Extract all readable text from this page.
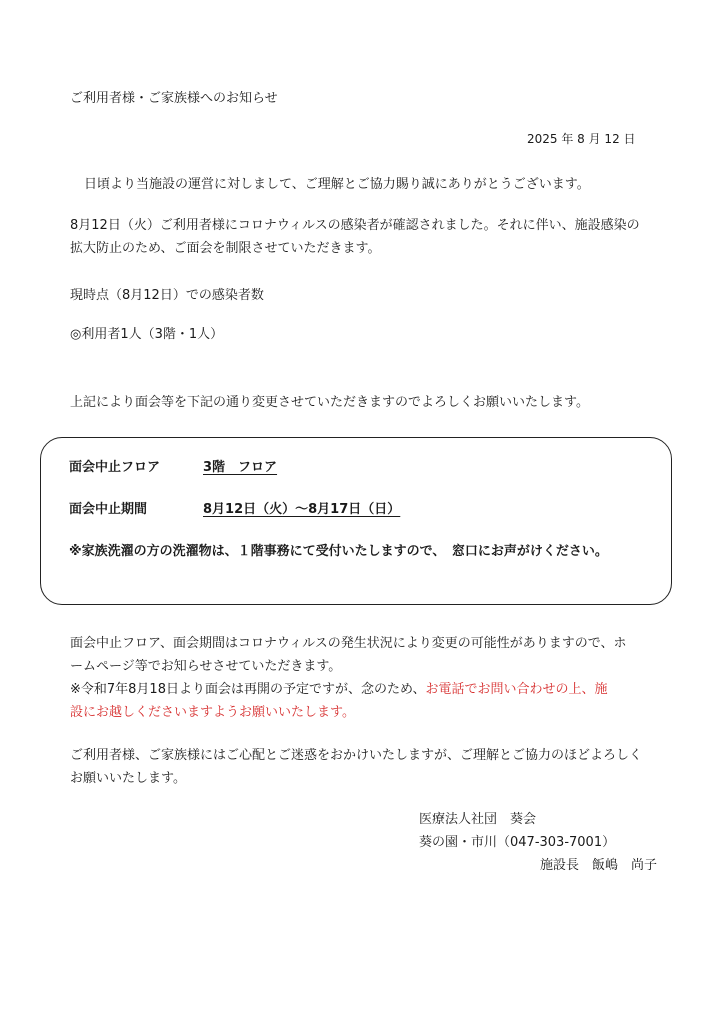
ご利用者様・ご家族様へのお知らせ
2025 年 8 月 12 日
日頃より当施設の運営に対しまして、ご理解とご協力賜り誠にありがとうございます。
8月12日（火）ご利用者様にコロナウィルスの感染者が確認されました。それに伴い、施設感染の
拡大防止のため、ご面会を制限させていただきます。
現時点（8月12日）での感染者数
◎利用者1人（3階・1人）
上記により面会等を下記の通り変更させていただきますのでよろしくお願いいたします。
面会中止フロア	3階　フロア
面会中止期間	8月12日（火）～8月17日（日）
※家族洗濯の方の洗濯物は、１階事務にて受付いたしますので、　窓口にお声がけください。
面会中止フロア、面会期間はコロナウィルスの発生状況により変更の可能性がありますので、ホ
ームページ等でお知らせさせていただきます。
※令和7年8月18日より面会は再開の予定ですが、念のため、お電話でお問い合わせの上、施
設にお越しくださいますようお願いいたします。
ご利用者様、ご家族様にはご心配とご迷惑をおかけいたしますが、ご理解とご協力のほどよろしく
お願いいたします。
医療法人社団　葵会
葵の園・市川（047-303-7001）
施設長　飯嶋　尚子
